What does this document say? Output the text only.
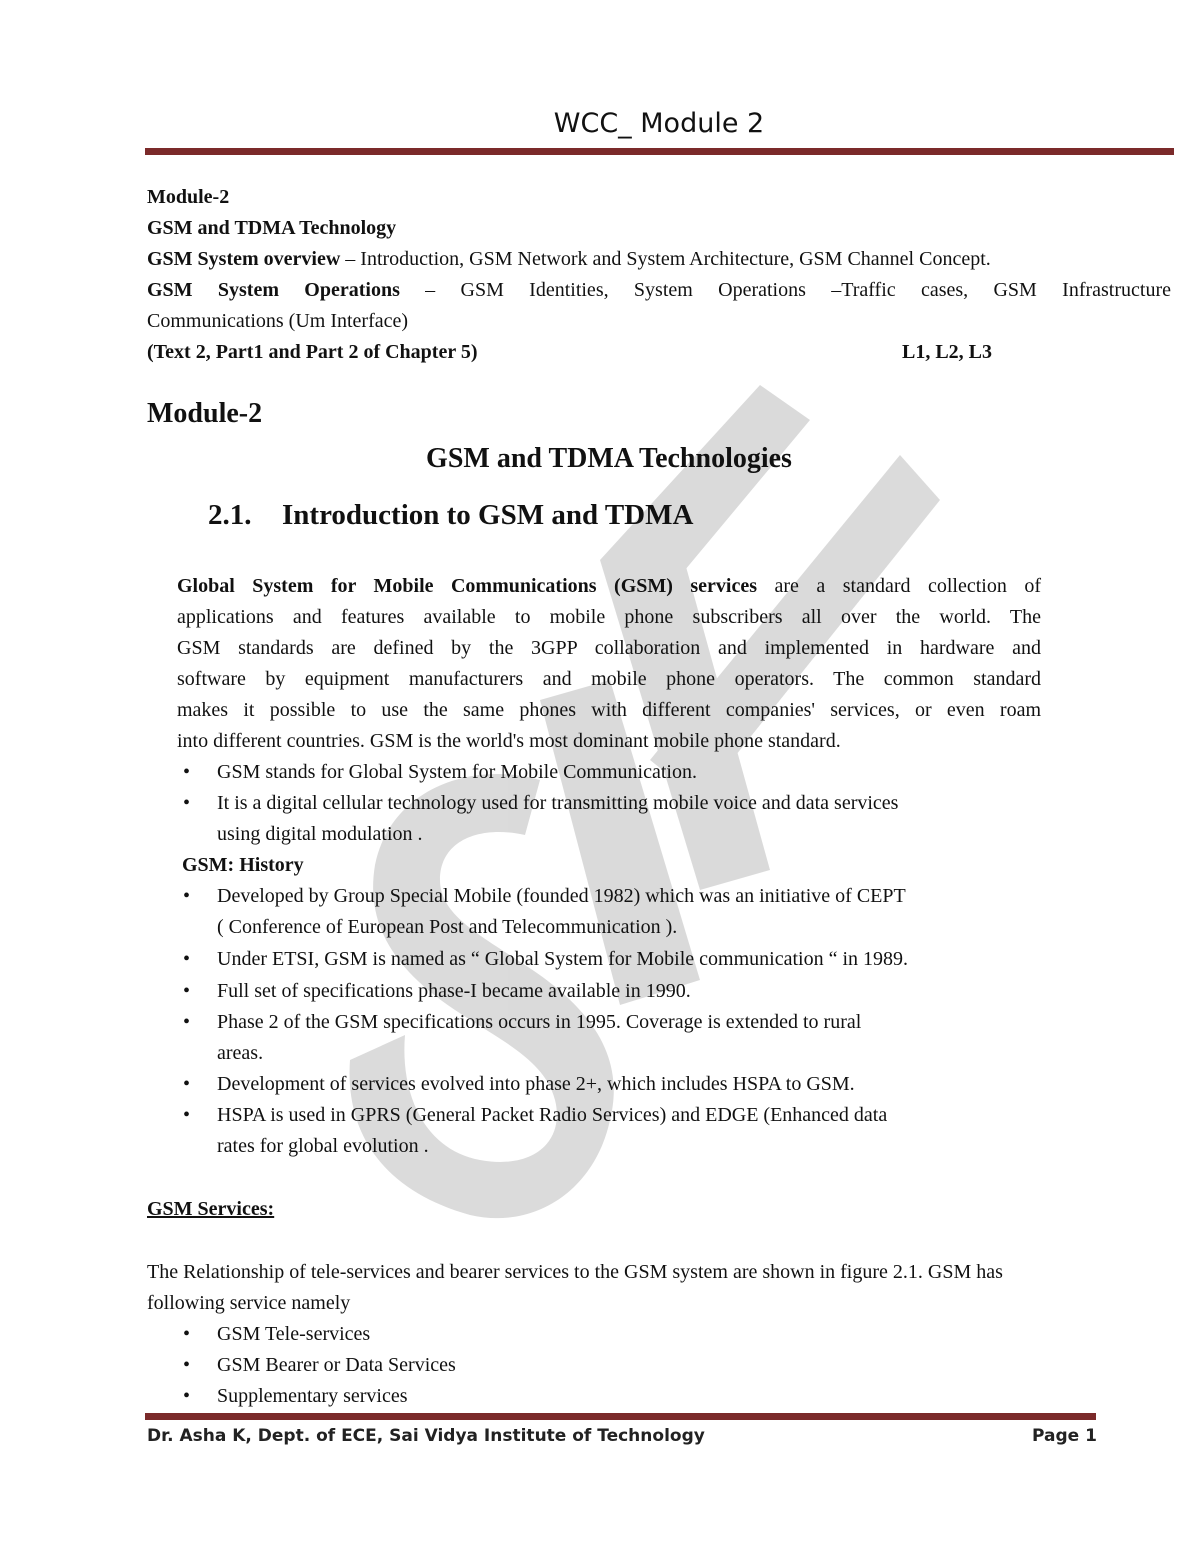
WCC_ Module 2
Module-2
GSM and TDMA Technology
GSM System overview – Introduction, GSM Network and System Architecture, GSM Channel Concept.
GSM System Operations – GSM Identities, System Operations –Traffic cases, GSM Infrastructure
Communications (Um Interface)
(Text 2, Part1 and Part 2 of Chapter 5)	L1, L2, L3
Module-2
GSM and TDMA Technologies
2.1. Introduction to GSM and TDMA
Global System for Mobile Communications (GSM) services are a standard collection of
applications and features available to mobile phone subscribers all over the world. The
GSM standards are defined by the 3GPP collaboration and implemented in hardware and
software by equipment manufacturers and mobile phone operators. The common standard
makes it possible to use the same phones with different companies' services, or even roam
into different countries. GSM is the world's most dominant mobile phone standard.
• GSM stands for Global System for Mobile Communication.
• It is a digital cellular technology used for transmitting mobile voice and data services
using digital modulation .
GSM: History
• Developed by Group Special Mobile (founded 1982) which was an initiative of CEPT
( Conference of European Post and Telecommunication ).
• Under ETSI, GSM is named as “ Global System for Mobile communication “ in 1989.
• Full set of specifications phase-I became available in 1990.
• Phase 2 of the GSM specifications occurs in 1995. Coverage is extended to rural
areas.
• Development of services evolved into phase 2+, which includes HSPA to GSM.
• HSPA is used in GPRS (General Packet Radio Services) and EDGE (Enhanced data
rates for global evolution .
GSM Services:
The Relationship of tele-services and bearer services to the GSM system are shown in figure 2.1. GSM has
following service namely
• GSM Tele-services
• GSM Bearer or Data Services
• Supplementary services
Dr. Asha K, Dept. of ECE, Sai Vidya Institute of Technology	Page 1
